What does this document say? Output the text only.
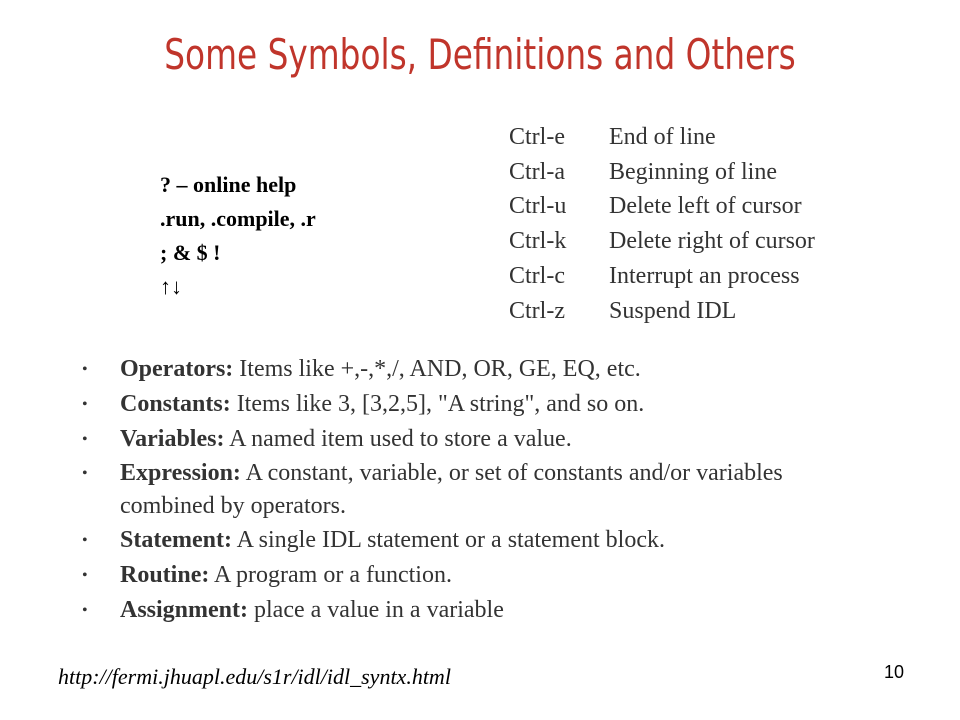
Some Symbols, Definitions and Others
? – online help
.run, .compile, .r
; & $ !
↑↓
Ctrl-e	End of line
Ctrl-a	Beginning of line
Ctrl-u	Delete left of cursor
Ctrl-k	Delete right of cursor
Ctrl-c	Interrupt an process
Ctrl-z	Suspend IDL
• Operators: Items like +,-,*,/, AND, OR, GE, EQ, etc.
• Constants: Items like 3, [3,2,5], "A string", and so on.
• Variables: A named item used to store a value.
• Expression: A constant, variable, or set of constants and/or variables combined by operators.
• Statement: A single IDL statement or a statement block.
• Routine: A program or a function.
• Assignment: place a value in a variable
http://fermi.jhuapl.edu/s1r/idl/idl_syntx.html	10
